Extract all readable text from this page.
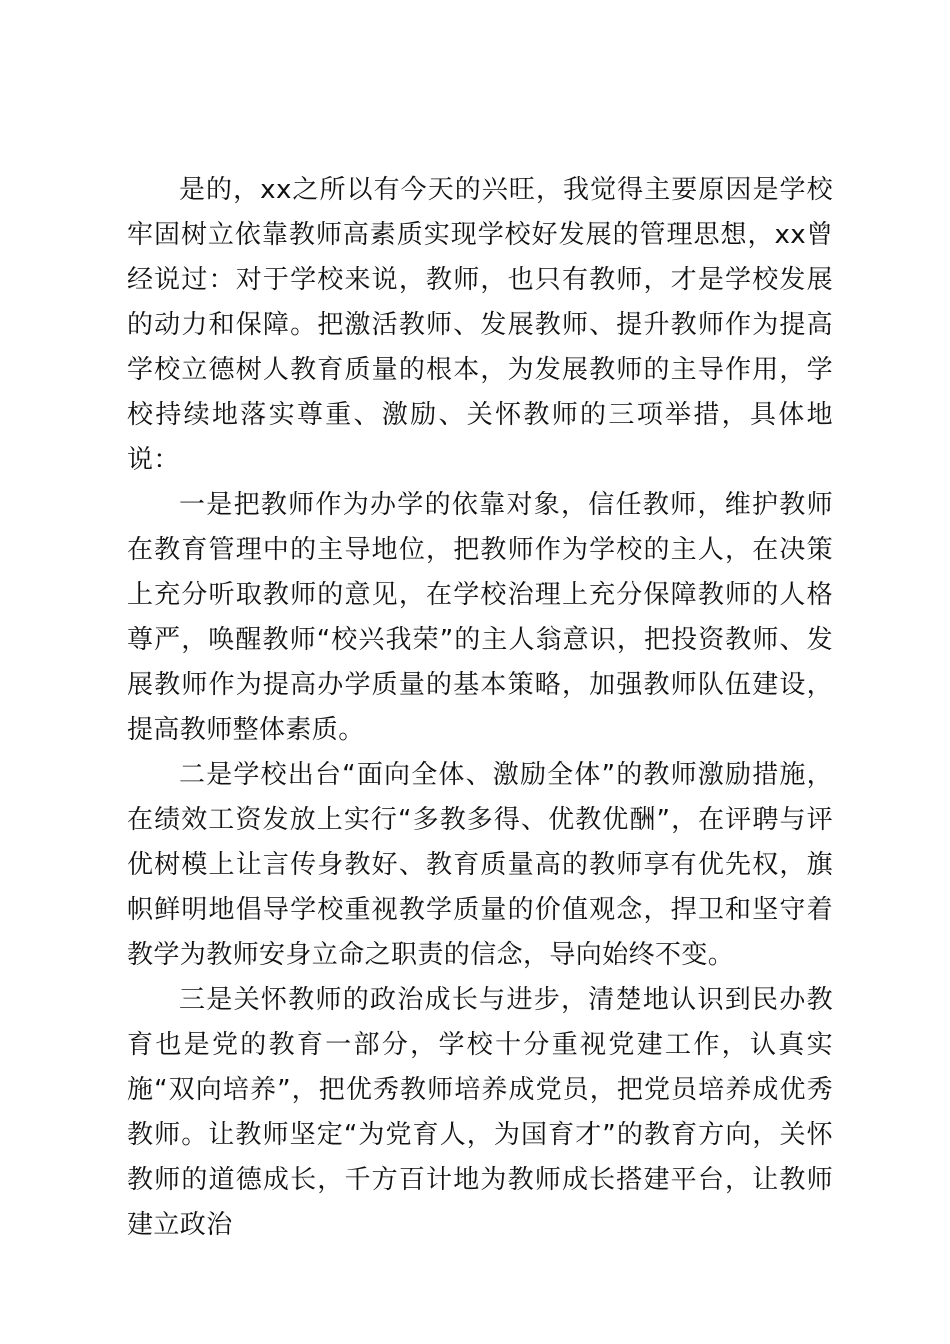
是的，xx之所以有今天的兴旺，我觉得主要原因是学校牢固树立依靠教师高素质实现学校好发展的管理思想，xx曾经说过：对于学校来说，教师，也只有教师，才是学校发展的动力和保障。把激活教师、发展教师、提升教师作为提高学校立德树人教育质量的根本，为发展教师的主导作用，学校持续地落实尊重、激励、关怀教师的三项举措，具体地说：

一是把教师作为办学的依靠对象，信任教师，维护教师在教育管理中的主导地位，把教师作为学校的主人，在决策上充分听取教师的意见，在学校治理上充分保障教师的人格尊严，唤醒教师“校兴我荣”的主人翁意识，把投资教师、发展教师作为提高办学质量的基本策略，加强教师队伍建设，提高教师整体素质。

二是学校出台“面向全体、激励全体”的教师激励措施，在绩效工资发放上实行“多教多得、优教优酬”，在评聘与评优树模上让言传身教好、教育质量高的教师享有优先权，旗帜鲜明地倡导学校重视教学质量的价值观念，捍卫和坚守着教学为教师安身立命之职责的信念，导向始终不变。

三是关怀教师的政治成长与进步，清楚地认识到民办教育也是党的教育一部分，学校十分重视党建工作，认真实施“双向培养”，把优秀教师培养成党员，把党员培养成优秀教师。让教师坚定“为党育人，为国育才”的教育方向，关怀教师的道德成长，千方百计地为教师成长搭建平台，让教师建立政治
